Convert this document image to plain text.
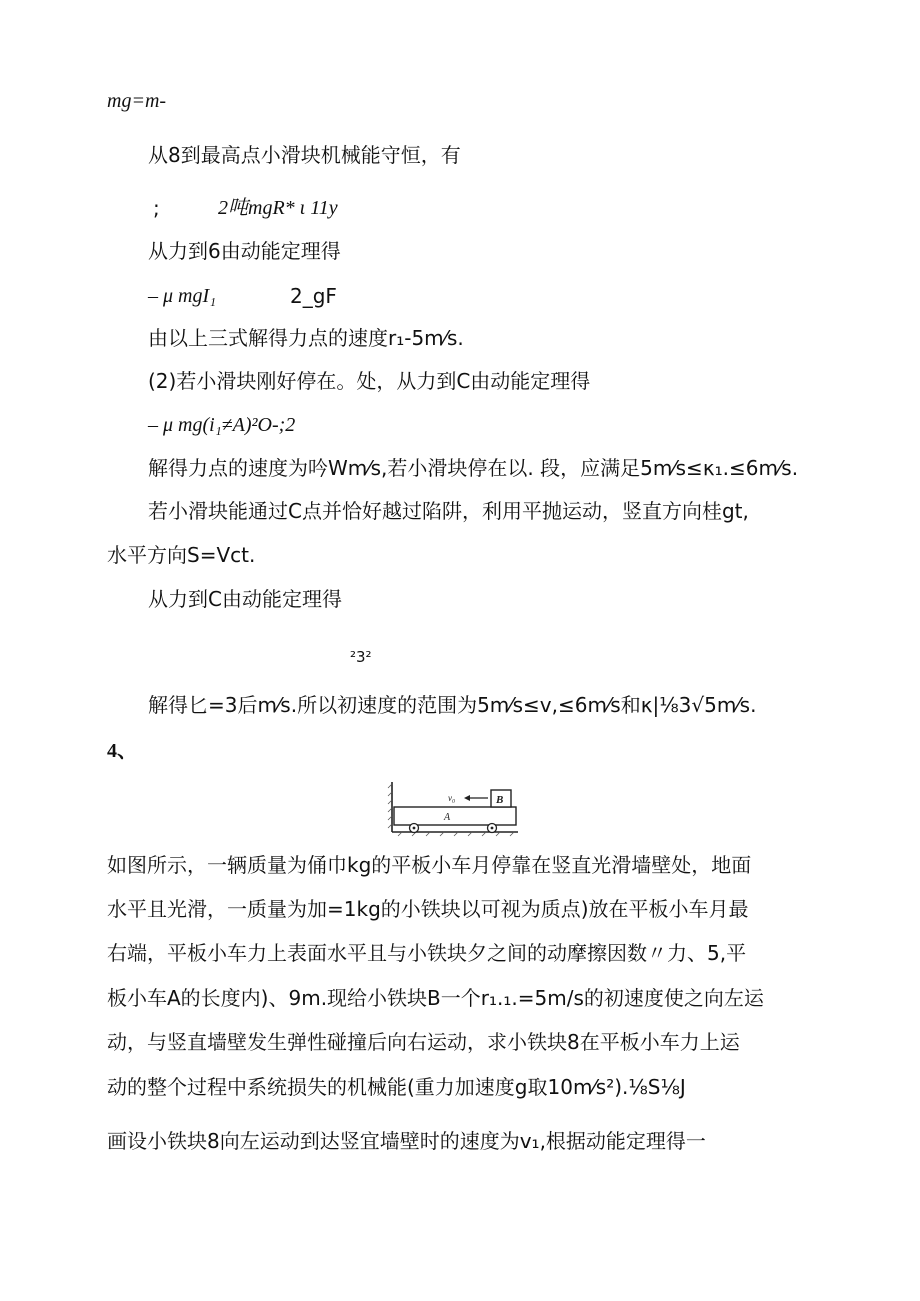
mg=m-
从8到最高点小滑块机械能守恒，有
;	2吨mgR* ι 11y
从力到6由动能定理得
– μ mgI₁	2_gF
由以上三式解得力点的速度r₁-5m⁄s.
(2)若小滑块刚好停在。处，从力到C由动能定理得
– μ mg(i₁≠A)²O-;2
解得力点的速度为吟Wm⁄s,若小滑块停在以. 段，应满足5m⁄s≤κ₁.≤6m⁄s.
若小滑块能通过C点并恰好越过陷阱，利用平抛运动，竖直方向桂gt,
水平方向S=Vct.
从力到C由动能定理得
²3²
解得匕=3后m⁄s.所以初速度的范围为5m⁄s≤v,≤6m⁄s和κ|⅛3√5m⁄s.
4、
A
B
v₀
如图所示，一辆质量为俑巾kg的平板小车月停靠在竖直光滑墙壁处，地面
水平且光滑，一质量为加=1kg的小铁块以可视为质点)放在平板小车月最
右端，平板小车力上表面水平且与小铁块夕之间的动摩擦因数〃力、5,平
板小车A的长度内)、9m.现给小铁块B一个r₁.₁.=5m/s的初速度使之向左运
动，与竖直墙壁发生弹性碰撞后向右运动，求小铁块8在平板小车力上运
动的整个过程中系统损失的机械能(重力加速度g取10m⁄s²).⅛S⅛J
画设小铁块8向左运动到达竖宜墙壁时的速度为v₁,根据动能定理得一
